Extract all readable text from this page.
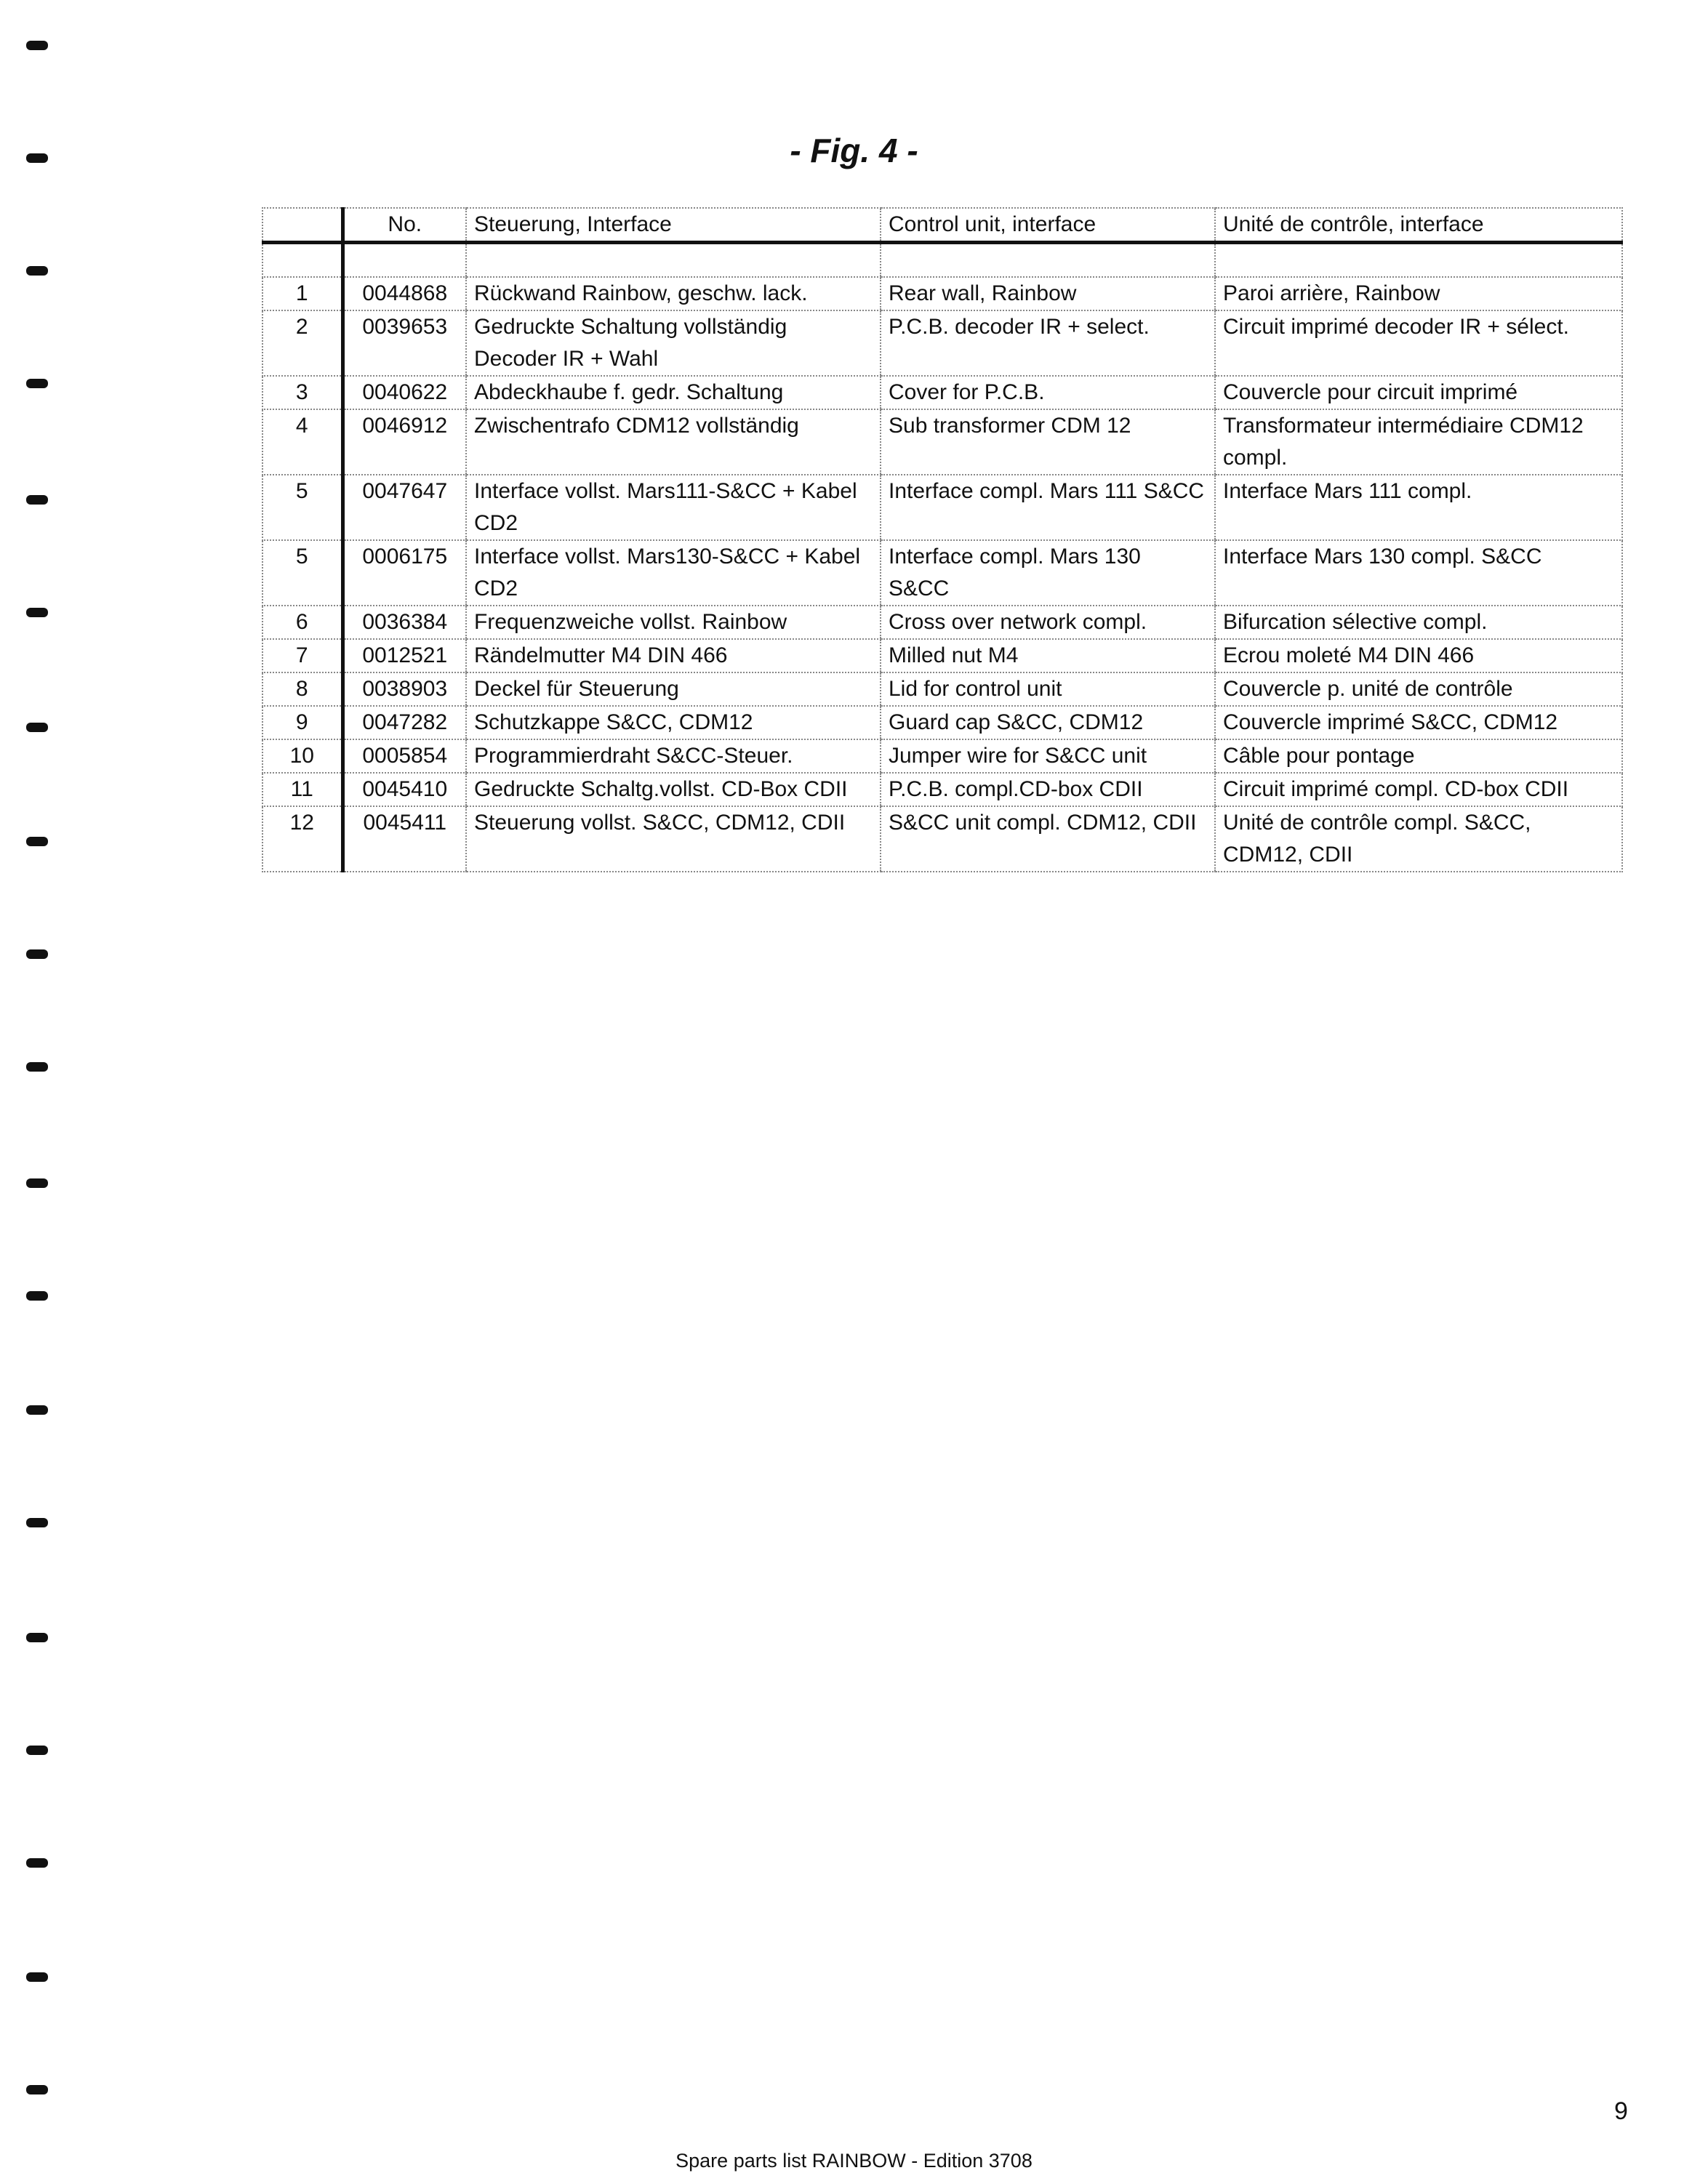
- Fig. 4 -
	No.	Steuerung, Interface	Control unit, interface	Unité de contrôle, interface

1	0044868	Rückwand Rainbow, geschw. lack.	Rear wall, Rainbow	Paroi arrière, Rainbow
2	0039653	Gedruckte Schaltung vollständig Decoder IR + Wahl	P.C.B. decoder IR + select.	Circuit imprimé decoder IR + sélect.
3	0040622	Abdeckhaube f. gedr. Schaltung	Cover for P.C.B.	Couvercle pour circuit imprimé
4	0046912	Zwischentrafo CDM12 vollständig	Sub transformer CDM 12	Transformateur intermédiaire CDM12 compl.
5	0047647	Interface vollst. Mars111-S&CC + Kabel CD2	Interface compl. Mars 111 S&CC	Interface Mars 111 compl.
5	0006175	Interface vollst. Mars130-S&CC + Kabel CD2	Interface compl. Mars 130 S&CC	Interface Mars 130 compl. S&CC
6	0036384	Frequenzweiche vollst. Rainbow	Cross over network compl.	Bifurcation sélective compl.
7	0012521	Rändelmutter M4 DIN 466	Milled nut M4	Ecrou moleté M4 DIN 466
8	0038903	Deckel für Steuerung	Lid for control unit	Couvercle p. unité de contrôle
9	0047282	Schutzkappe S&CC, CDM12	Guard cap S&CC, CDM12	Couvercle imprimé S&CC, CDM12
10	0005854	Programmierdraht S&CC-Steuer.	Jumper wire for S&CC unit	Câble pour pontage
11	0045410	Gedruckte Schaltg.vollst. CD-Box CDII	P.C.B. compl.CD-box CDII	Circuit imprimé compl. CD-box CDII
12	0045411	Steuerung vollst. S&CC, CDM12, CDII	S&CC unit compl. CDM12, CDII	Unité de contrôle compl. S&CC, CDM12, CDII
9
Spare parts list RAINBOW - Edition 3708
